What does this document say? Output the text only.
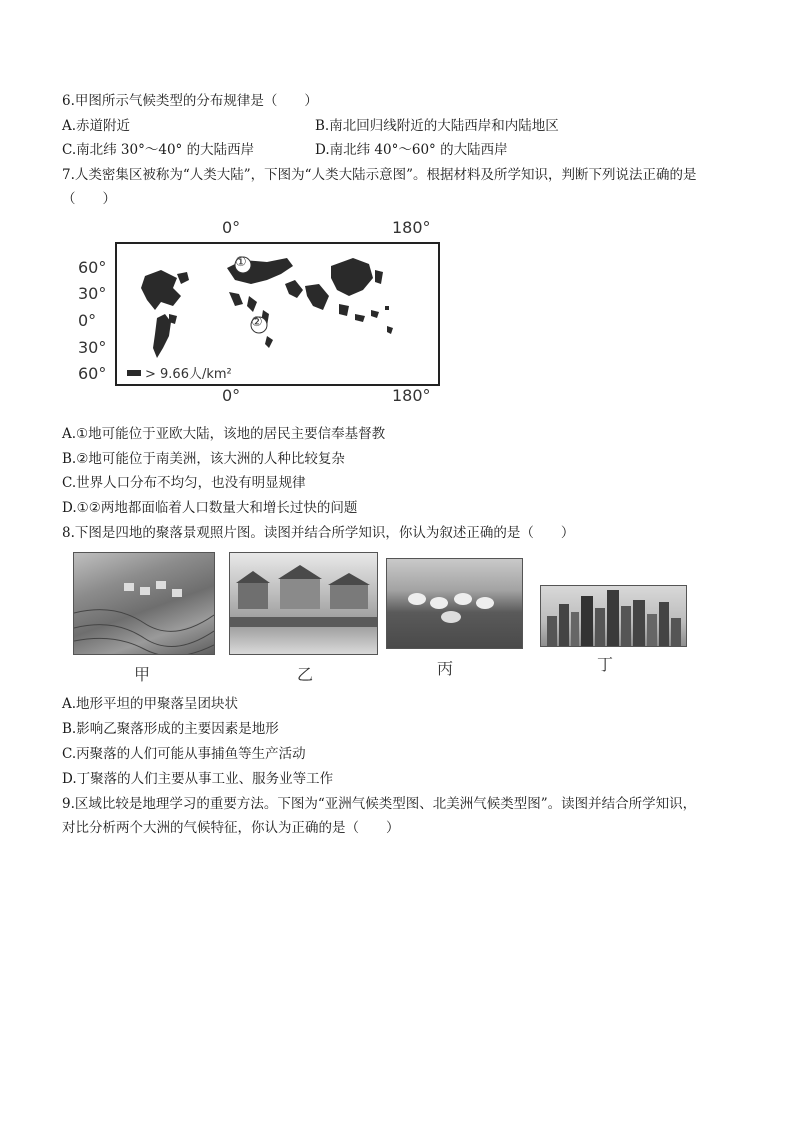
6.甲图所示气候类型的分布规律是（　　）
A.赤道附近	B.南北回归线附近的大陆西岸和内陆地区
C.南北纬 30°～40° 的大陆西岸	D.南北纬 40°～60° 的大陆西岸
7.人类密集区被称为“人类大陆”，下图为“人类大陆示意图”。根据材料及所学知识，判断下列说法正确的是
（　　）
0°	180°
60°
30°
0°
30°
60°
0°	180°
①
②
> 9.66人/km²
A.①地可能位于亚欧大陆，该地的居民主要信奉基督教
B.②地可能位于南美洲，该大洲的人种比较复杂
C.世界人口分布不均匀，也没有明显规律
D.①②两地都面临着人口数量大和增长过快的问题
8.下图是四地的聚落景观照片图。读图并结合所学知识，你认为叙述正确的是（　　）
甲	乙	丙	丁
A.地形平坦的甲聚落呈团块状
B.影响乙聚落形成的主要因素是地形
C.丙聚落的人们可能从事捕鱼等生产活动
D.丁聚落的人们主要从事工业、服务业等工作
9.区域比较是地理学习的重要方法。下图为“亚洲气候类型图、北美洲气候类型图”。读图并结合所学知识，
对比分析两个大洲的气候特征，你认为正确的是（　　）
